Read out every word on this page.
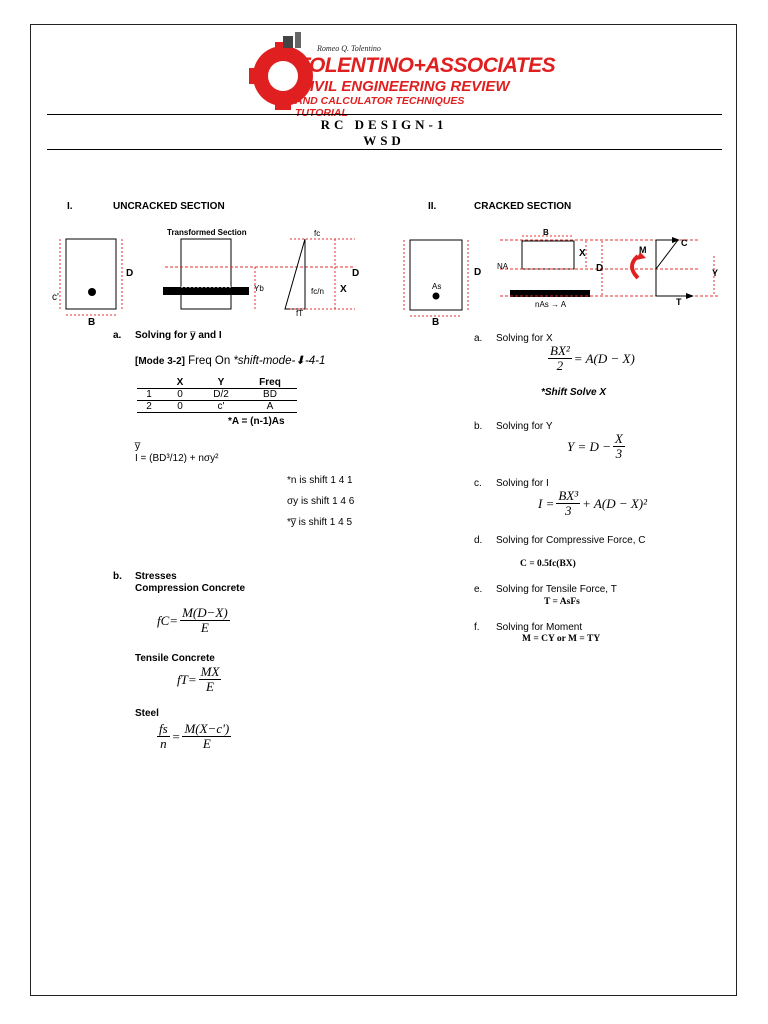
Romeo Q. Tolentino
TOLENTINO+ASSOCIATES
CIVIL ENGINEERING REVIEW
AND CALCULATOR TECHNIQUES TUTORIAL
RC DESIGN-1
WSD
I.	UNCRACKED SECTION
D
c'
B
Transformed Section
Yb
fc
fc/n X
D
fT
a. Solving for y̅ and I
[Mode 3-2] Freq On *shift-mode-⬇-4-1
	X	Y	Freq
1	0	D/2	BD
2	0	c'	A
*A = (n-1)As
y̅
I = (BD³/12) + nσy²
*n is shift 1 4 1
σy is shift 1 4 6
*y̅ is shift 1 4 5
b. Stresses
Compression Concrete
$fC= \frac{M(D-X)}{E}$
Tensile Concrete
$fT= \frac{MX}{E}$
Steel
$\frac{fs}{n} = \frac{M(X-c')}{E}$
II.	CRACKED SECTION
As
D
B
B
X
NA
nAs → A
D
M
C
Y
T
a. Solving for X
$\frac{\text{BX²}}{2} = A(D - X)$
*Shift Solve X
b. Solving for Y
$Y = D - \frac{X}{3}$
c. Solving for I
$I = \frac{\text{BX³}}{3} + A(D - X)^2$
d. Solving for Compressive Force, C
C = 0.5fc(BX)
e. Solving for Tensile Force, T
T = AsFs
f. Solving for Moment
M = CY or M = TY
